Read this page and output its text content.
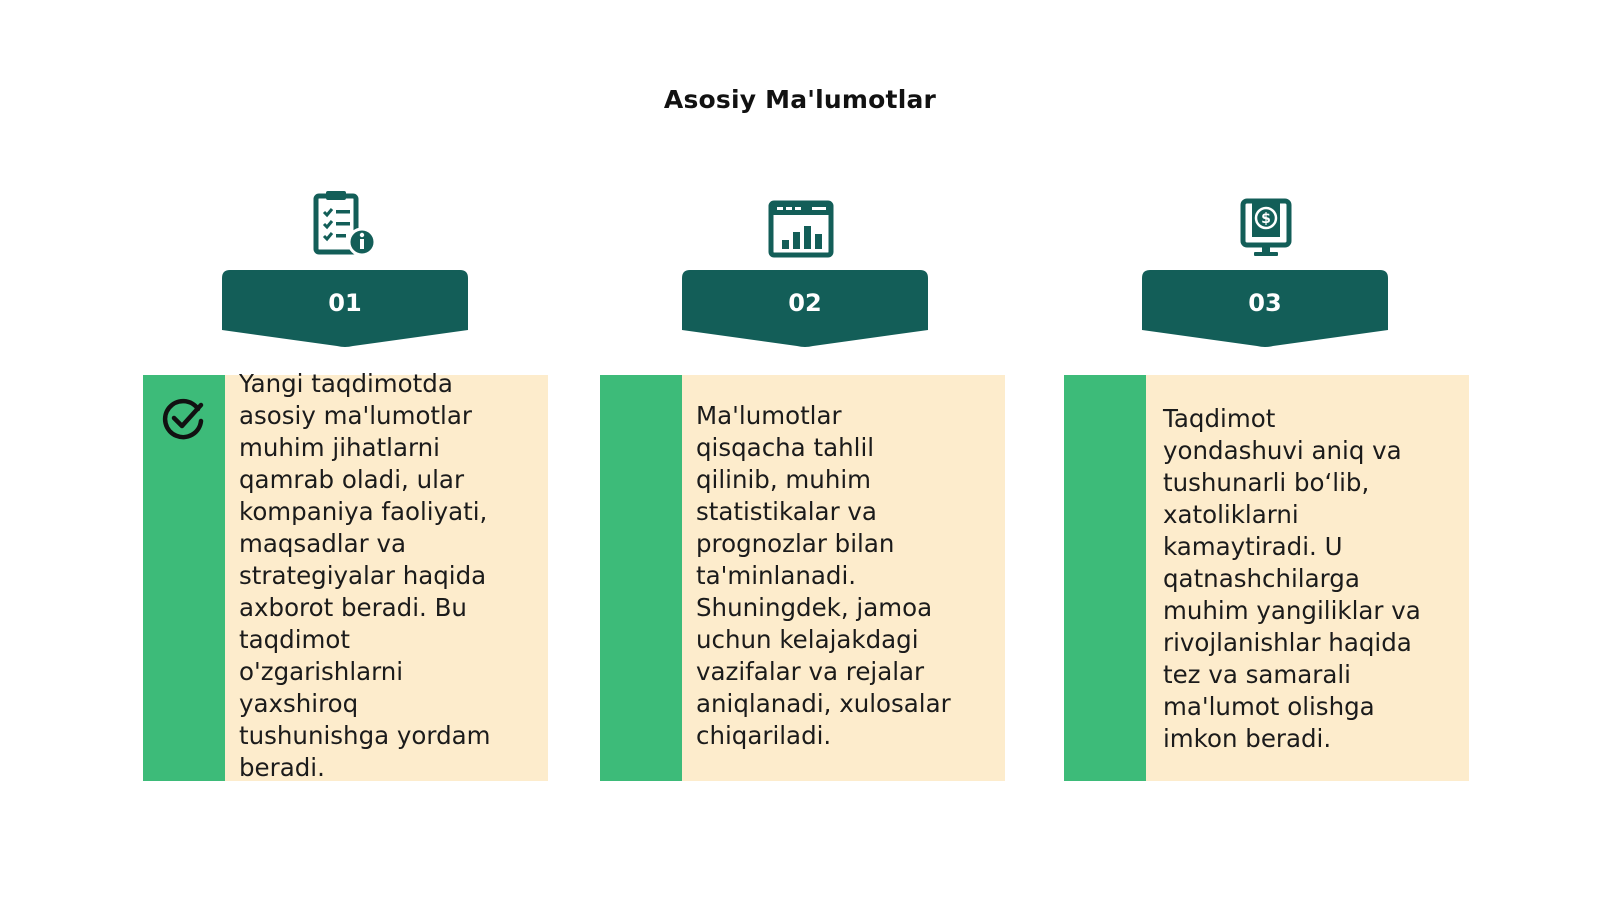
Asosiy Ma'lumotlar
01
Yangi taqdimotda
asosiy ma'lumotlar
muhim jihatlarni
qamrab oladi, ular
kompaniya faoliyati,
maqsadlar va
strategiyalar haqida
axborot beradi. Bu
taqdimot
o'zgarishlarni
yaxshiroq
tushunishga yordam
beradi.
02
Ma'lumotlar
qisqacha tahlil
qilinib, muhim
statistikalar va
prognozlar bilan
ta'minlanadi.
Shuningdek, jamoa
uchun kelajakdagi
vazifalar va rejalar
aniqlanadi, xulosalar
chiqariladi.
$
03
Taqdimot
yondashuvi aniq va
tushunarli bo‘lib,
xatoliklarni
kamaytiradi. U
qatnashchilarga
muhim yangiliklar va
rivojlanishlar haqida
tez va samarali
ma'lumot olishga
imkon beradi.
